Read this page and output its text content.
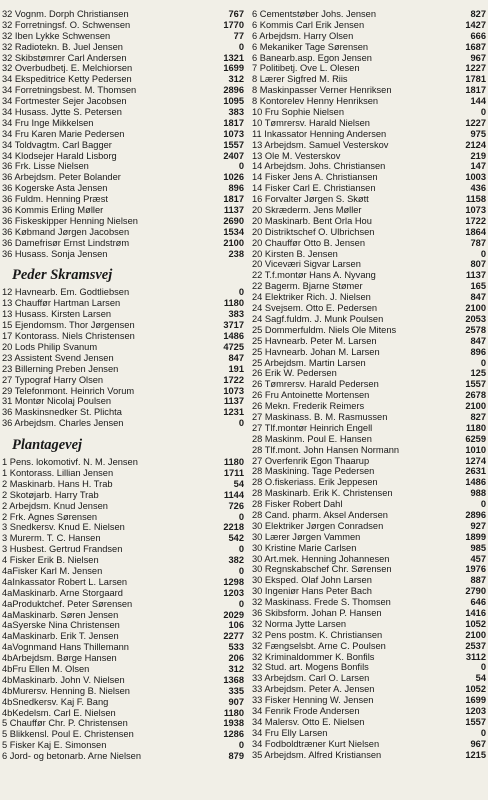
32 Vognm. Dorph Christiansen	767
32 Forretningsf. O. Schwensen	1770
32 Iben Lykke Schwensen	77
32 Radiotekn. B. Juel Jensen	0
32 Skibstømrer Carl Andersen	1321
32 Overbudbetj. E. Melchiorsen	1699
34 Ekspeditrice Ketty Pedersen	312
34 Forretningsbest. M. Thomsen	2896
34 Fortmester Sejer Jacobsen	1095
34 Husass. Jytte S. Petersen	383
34 Fru Inge Mikkelsen	1817
34 Fru Karen Marie Pedersen	1073
34 Toldvagtm. Carl Bagger	1557
34 Klodsejer Harald Lisborg	2407
36 Frk. Lisse Nielsen	0
36 Arbejdsm. Peter Bolander	1026
36 Kogerske Asta Jensen	896
36 Fuldm. Henning Præst	1817
36 Kommis Erling Møller	1137
36 Fiskeskipper Henning Nielsen	2690
36 Købmand Jørgen Jacobsen	1534
36 Damefrisør Ernst Lindstrøm	2100
36 Husass. Sonja Jensen	238
Peder Skramsvej
12 Havnearb. Em. Godtliebsen	0
13 Chauffør Hartman Larsen	1180
13 Husass. Kirsten Larsen	383
15 Ejendomsm. Thor Jørgensen	3717
17 Kontorass. Niels Christensen	1486
20 Lods Philip Svanum	4725
23 Assistent Svend Jensen	847
23 Billerning Preben Jensen	191
27 Typograf Harry Olsen	1722
29 Telefonmont. Heinrich Vorum	1073
31 Montør Nicolaj Poulsen	1137
36 Maskinsnedker St. Plichta	1231
36 Arbejdsm. Charles Jensen	0
Plantagevej
1 Pens. lokomotivf. N. M. Jensen	1180
1 Kontorass. Lillian Jensen	1711
2 Maskinarb. Hans H. Trab	54
2 Skotøjarb. Harry Trab	1144
2 Arbejdsm. Knud Jensen	726
2 Frk. Agnes Sørensen	0
3 Snedkersv. Knud E. Nielsen	2218
3 Murerm. T. C. Hansen	542
3 Husbest. Gertrud Frandsen	0
4 Fisker Erik B. Nielsen	382
4aFisker Karl M. Jensen	0
4aInkassator Robert L. Larsen	1298
4aMaskinarb. Arne Storgaard	1203
4aProduktchef. Peter Sørensen	0
4aMaskinarb. Søren Jensen	2029
4aSyerske Nina Christensen	106
4aMaskinarb. Erik T. Jensen	2277
4aVognmand Hans Thillemann	533
4bArbejdsm. Børge Hansen	206
4bFru Ellen M. Olsen	312
4bMaskinarb. John V. Nielsen	1368
4bMurersv. Henning B. Nielsen	335
4bSnedkersv. Kaj F. Bang	907
4bKedelsm. Carl E. Nielsen	1180
5 Chauffør Chr. P. Christensen	1938
5 Blikkensl. Poul E. Christensen	1286
5 Fisker Kaj E. Simonsen	0
6 Jord- og betonarb. Arne Nielsen	879
6 Cementstøber Johs. Jensen	827
6 Kommis Carl Erik Jensen	1427
6 Arbejdsm. Harry Olsen	666
6 Mekaniker Tage Sørensen	1687
6 Banearb.asp. Egon Jensen	967
7 Politibetj. Ove L. Olesen	1227
8 Lærer Sigfred M. Riis	1781
8 Maskinpasser Verner Henriksen	1817
8 Kontorelev Henny Henriksen	144
10 Fru Sophie Nielsen	0
10 Tømrersv. Harald Nielsen	1227
11 Inkassator Henning Andersen	975
13 Arbejdsm. Samuel Vesterskov	2124
13 Ole M. Vesterskov	219
14 Arbejdsm. Johs. Christiansen	147
14 Fisker Jens A. Christiansen	1003
14 Fisker Carl E. Christiansen	436
16 Forvalter Jørgen S. Skøtt	1158
20 Skræderm. Jens Møller	1073
20 Maskinarb. Bent Orla Hou	1722
20 Distriktschef O. Ulbrichsen	1864
20 Chauffør Otto B. Jensen	787
20 Kirsten B. Jensen	0
20 Viceværi Sigvar Larsen	807
22 T.f.montør Hans A. Nyvang	1137
22 Bagerm. Bjarne Stømer	165
24 Elektriker Rich. J. Nielsen	847
24 Svejsem. Otto E. Pedersen	2100
24 Sagf.fuldm. J. Munk Poulsen	2053
25 Dommerfuldm. Niels Ole Mitens	2578
25 Havnearb. Peter M. Larsen	847
25 Havnearb. Johan M. Larsen	896
25 Arbejdsm. Martin Larsen	0
26 Erik W. Pedersen	125
26 Tømrersv. Harald Pedersen	1557
26 Fru Antoinette Mortensen	2678
26 Mekn. Frederik Reimers	2100
27 Maskinass. B. M. Rasmussen	827
27 Tlf.montør Heinrich Engell	1180
28 Maskinm. Poul E. Hansen	6259
28 Tlf.mont. John Hansen Normann	1010
27 Overfenrik Egon Thaarup	1274
28 Maskining. Tage Pedersen	2631
28 O.fiskeriass. Erik Jeppesen	1486
28 Maskinarb. Erik K. Christensen	988
28 Fisker Robert Dahl	0
28 Cand. pharm. Aksel Andersen	2896
30 Elektriker Jørgen Conradsen	927
30 Lærer Jørgen Vammen	1899
30 Kristine Marie Carlsen	985
30 Art.mek. Henning Johannesen	457
30 Regnskabschef Chr. Sørensen	1976
30 Eksped. Olaf John Larsen	887
30 Ingeniør Hans Peter Bach	2790
32 Maskinass. Frede S. Thomsen	646
36 Skibsform. Johan P. Hansen	1416
32 Norma Jytte Larsen	1052
32 Pens postm. K. Christiansen	2100
32 Fængselsbt. Arne C. Poulsen	2537
32 Kriminaldommer K. Bonfils	3112
32 Stud. art. Mogens Bonfils	0
33 Arbejdsm. Carl O. Larsen	54
33 Arbejdsm. Peter A. Jensen	1052
33 Fisker Henning W. Jensen	1699
34 Fenrik Frode Andersen	1203
34 Malersv. Otto E. Nielsen	1557
34 Fru Elly Larsen	0
34 Fodboldtræner Kurt Nielsen	967
35 Arbejdsm. Alfred Kristiansen	1215
